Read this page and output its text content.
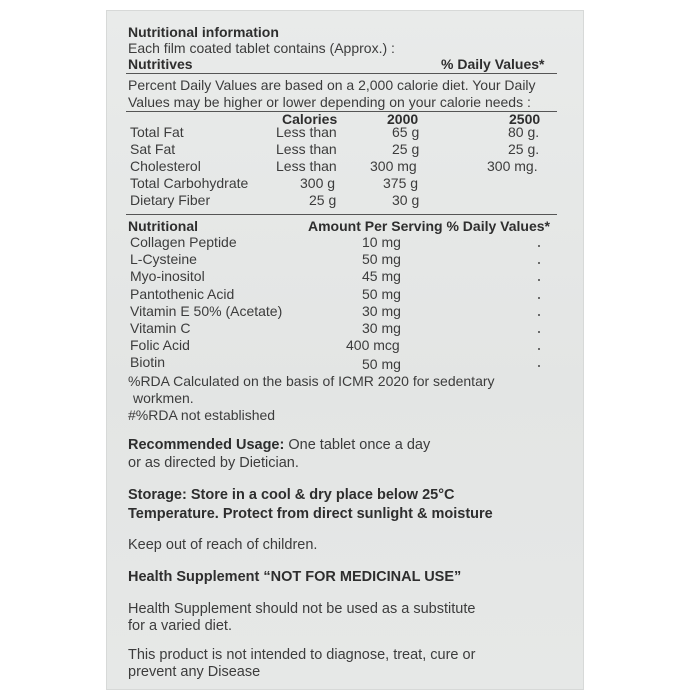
Nutritional information
Each film coated tablet contains (Approx.) :
Nutritives	% Daily Values*
Percent Daily Values are based on a 2,000 calorie diet. Your Daily
Values may be higher or lower depending on your calorie needs :
Calories	2000	2500
Total Fat	Less than	65 g	80 g.
Sat Fat	Less than	25 g	25 g.
Cholesterol	Less than 300 mg	300 mg.
Total Carbohydrate	300 g	375 g
Dietary Fiber	25 g	30 g
Nutritional	Amount Per Serving % Daily Values*
Collagen Peptide	10 mg
L-Cysteine	50 mg
Myo-inositol	45 mg
Pantothenic Acid	50 mg
Vitamin E 50% (Acetate)	30 mg
Vitamin C	30 mg
Folic Acid	400 mcg
Biotin	50 mg
%RDA Calculated on the basis of ICMR 2020 for sedentary
workmen.
#%RDA not established
Recommended Usage: One tablet once a day
or as directed by Dietician.
Storage: Store in a cool & dry place below 25°C
Temperature. Protect from direct sunlight & moisture
Keep out of reach of children.
Health Supplement “NOT FOR MEDICINAL USE”
Health Supplement should not be used as a substitute
for a varied diet.
This product is not intended to diagnose, treat, cure or
prevent any Disease
